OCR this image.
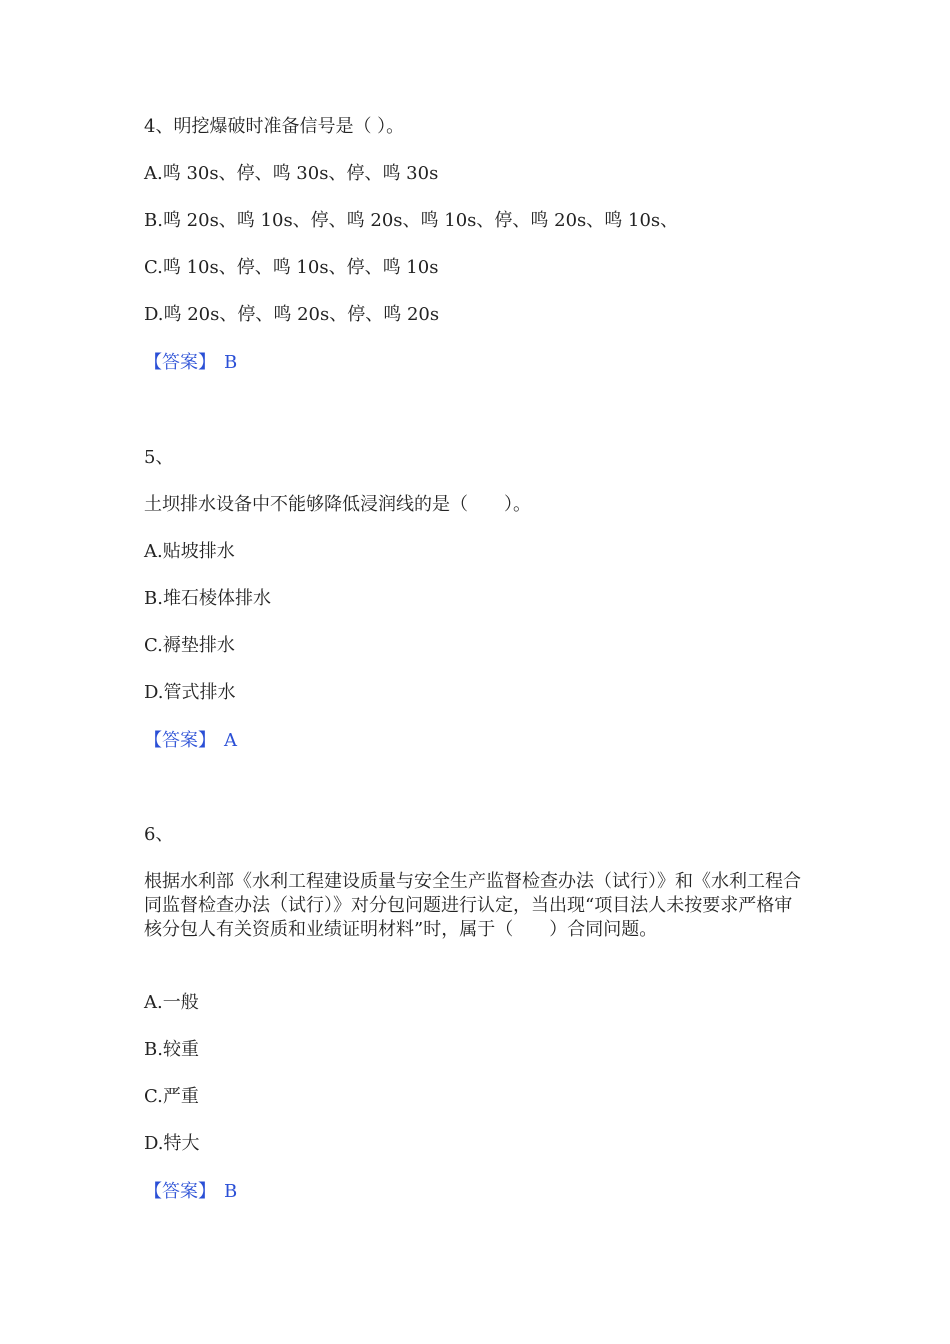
4、明挖爆破时准备信号是（ ）。

A.鸣 30s、停、鸣 30s、停、鸣 30s

B.鸣 20s、鸣 10s、停、鸣 20s、鸣 10s、停、鸣 20s、鸣 10s、

C.鸣 10s、停、鸣 10s、停、鸣 10s

D.鸣 20s、停、鸣 20s、停、鸣 20s

【答案】 B

5、

土坝排水设备中不能够降低浸润线的是（　　）。

A.贴坡排水

B.堆石棱体排水

C.褥垫排水

D.管式排水

【答案】 A

6、

根据水利部《水利工程建设质量与安全生产监督检查办法（试行）》和《水利工程合同监督检查办法（试行）》对分包问题进行认定，当出现“项目法人未按要求严格审核分包人有关资质和业绩证明材料”时，属于（　　）合同问题。

A.一般

B.较重

C.严重

D.特大

【答案】 B
